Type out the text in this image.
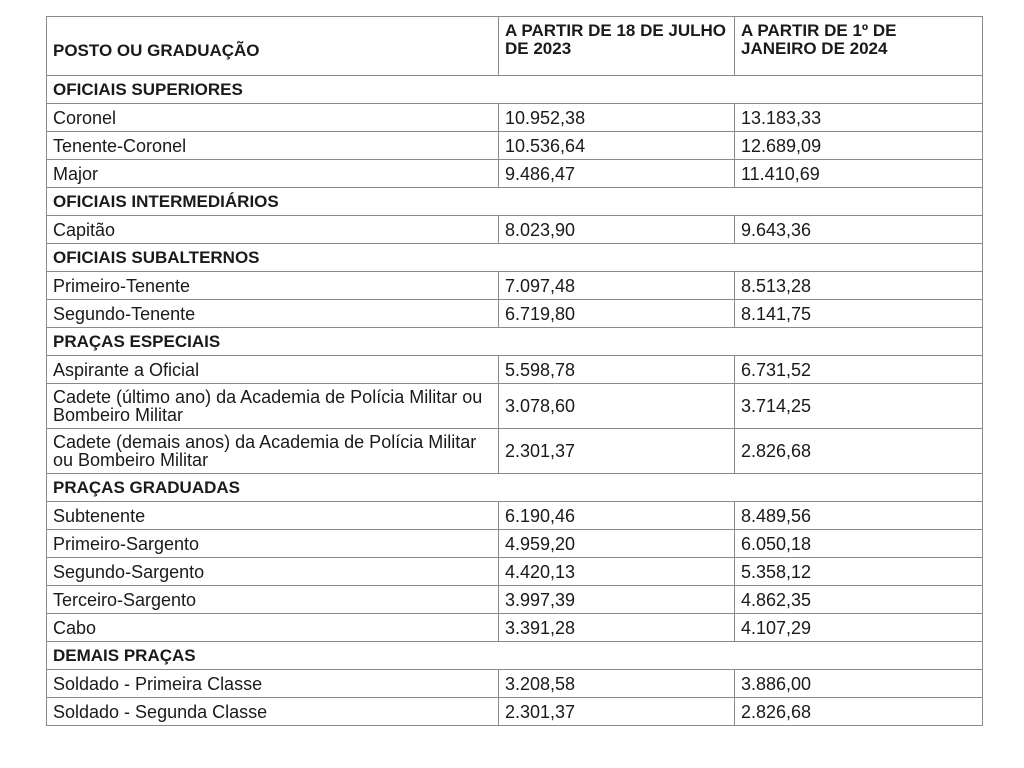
POSTO OU GRADUAÇÃO	A PARTIR DE 18 DE JULHO DE 2023	A PARTIR DE 1º DE JANEIRO DE 2024
OFICIAIS SUPERIORES		
Coronel	10.952,38	13.183,33
Tenente-Coronel	10.536,64	12.689,09
Major	9.486,47	11.410,69
OFICIAIS INTERMEDIÁRIOS		
Capitão	8.023,90	9.643,36
OFICIAIS SUBALTERNOS		
Primeiro-Tenente	7.097,48	8.513,28
Segundo-Tenente	6.719,80	8.141,75
PRAÇAS ESPECIAIS		
Aspirante a Oficial	5.598,78	6.731,52
Cadete (último ano) da Academia de Polícia Militar ou Bombeiro Militar	3.078,60	3.714,25
Cadete (demais anos) da Academia de Polícia Militar ou Bombeiro Militar	2.301,37	2.826,68
PRAÇAS GRADUADAS		
Subtenente	6.190,46	8.489,56
Primeiro-Sargento	4.959,20	6.050,18
Segundo-Sargento	4.420,13	5.358,12
Terceiro-Sargento	3.997,39	4.862,35
Cabo	3.391,28	4.107,29
DEMAIS PRAÇAS		
Soldado - Primeira Classe	3.208,58	3.886,00
Soldado - Segunda Classe	2.301,37	2.826,68
